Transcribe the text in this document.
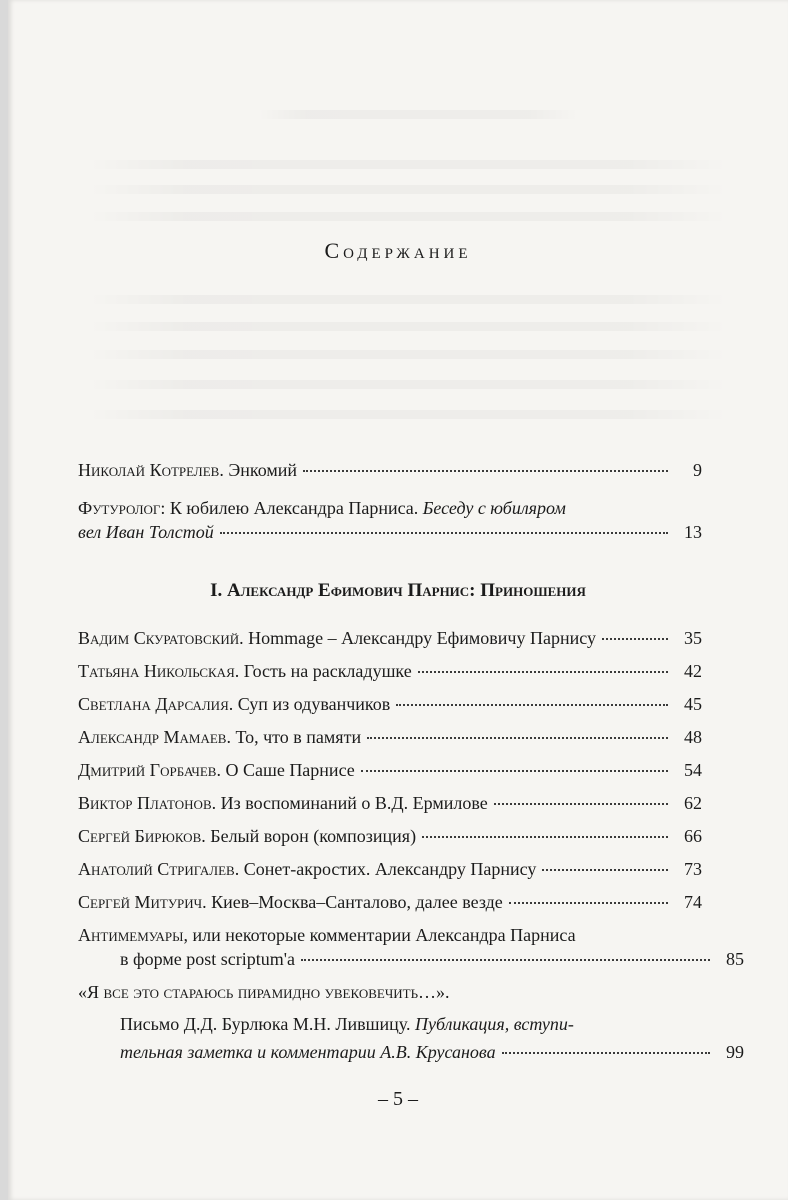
Содержание
Николай Котрелев. Энкомий	9
Футуролог: К юбилею Александра Парниса. Беседу с юбиляром
вел Иван Толстой	13
Вадим Скуратовский. Hommage – Александру Ефимовичу Парнису	35
Татьяна Никольская. Гость на раскладушке	42
Светлана Дарсалия. Суп из одуванчиков	45
Александр Мамаев. То, что в памяти	48
Дмитрий Горбачев. О Саше Парнисе	54
Виктор Платонов. Из воспоминаний о В.Д. Ермилове	62
Сергей Бирюков. Белый ворон (композиция)	66
Анатолий Стригалев. Сонет-акростих. Александру Парнису	73
Сергей Митурич. Киев–Москва–Санталово, далее везде	74
Антимемуары, или некоторые комментарии Александра Парниса
в форме post scriptum'а	85
«Я все это стараюсь пирамидно увековечить…».
Письмо Д.Д. Бурлюка М.Н. Лившицу. Публикация, вступи-
тельная заметка и комментарии А.В. Крусанова	99
I. Александр Ефимович Парнис: Приношения
– 5 –
